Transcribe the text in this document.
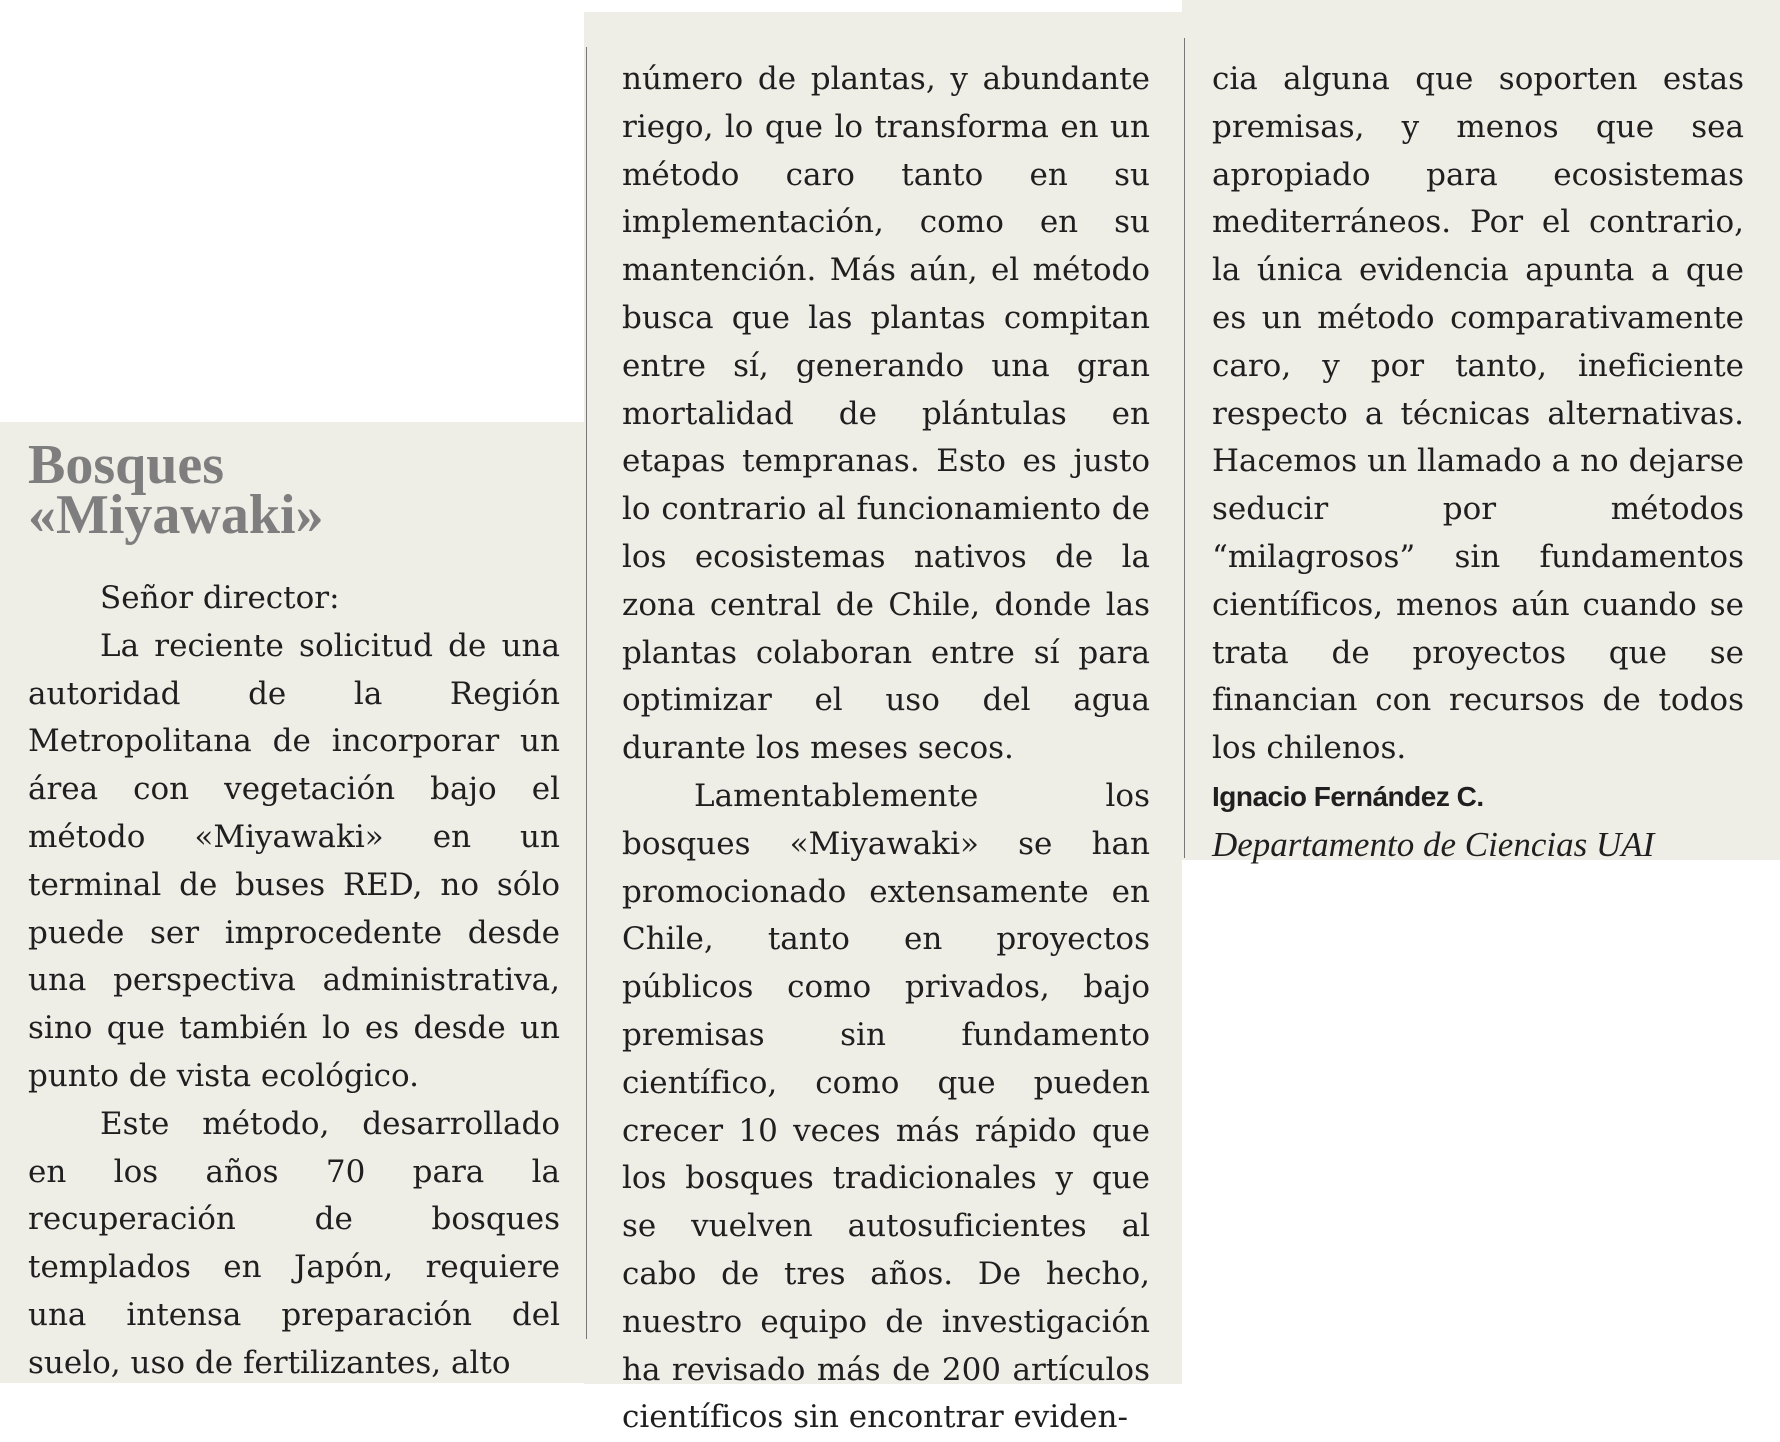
Bosques
«Miyawaki»

Señor director:

La reciente solicitud de una autoridad de la Región Metropolitana de incorporar un área con vegetación bajo el método «Miyawaki» en un terminal de buses RED, no sólo puede ser improcedente desde una perspectiva administrativa, sino que también lo es desde un punto de vista ecológico.

Este método, desarrollado en los años 70 para la recuperación de bosques templados en Japón, requiere una intensa preparación del suelo, uso de fertilizantes, alto

número de plantas, y abundante riego, lo que lo transforma en un método caro tanto en su implementación, como en su mantención. Más aún, el método busca que las plantas compitan entre sí, generando una gran mortalidad de plántulas en etapas tempranas. Esto es justo lo contrario al funcionamiento de los ecosistemas nativos de la zona central de Chile, donde las plantas colaboran entre sí para optimizar el uso del agua durante los meses secos.

Lamentablemente los bosques «Miyawaki» se han promocionado extensamente en Chile, tanto en proyectos públicos como privados, bajo premisas sin fundamento científico, como que pueden crecer 10 veces más rápido que los bosques tradicionales y que se vuelven autosuficientes al cabo de tres años. De hecho, nuestro equipo de investigación ha revisado más de 200 artículos científicos sin encontrar eviden-

cia alguna que soporten estas premisas, y menos que sea apropiado para ecosistemas mediterráneos. Por el contrario, la única evidencia apunta a que es un método comparativamente caro, y por tanto, ineficiente respecto a técnicas alternativas. Hacemos un llamado a no dejarse seducir por métodos “milagrosos” sin fundamentos científicos, menos aún cuando se trata de proyectos que se financian con recursos de todos los chilenos.

Ignacio Fernández C.

Departamento de Ciencias UAI
